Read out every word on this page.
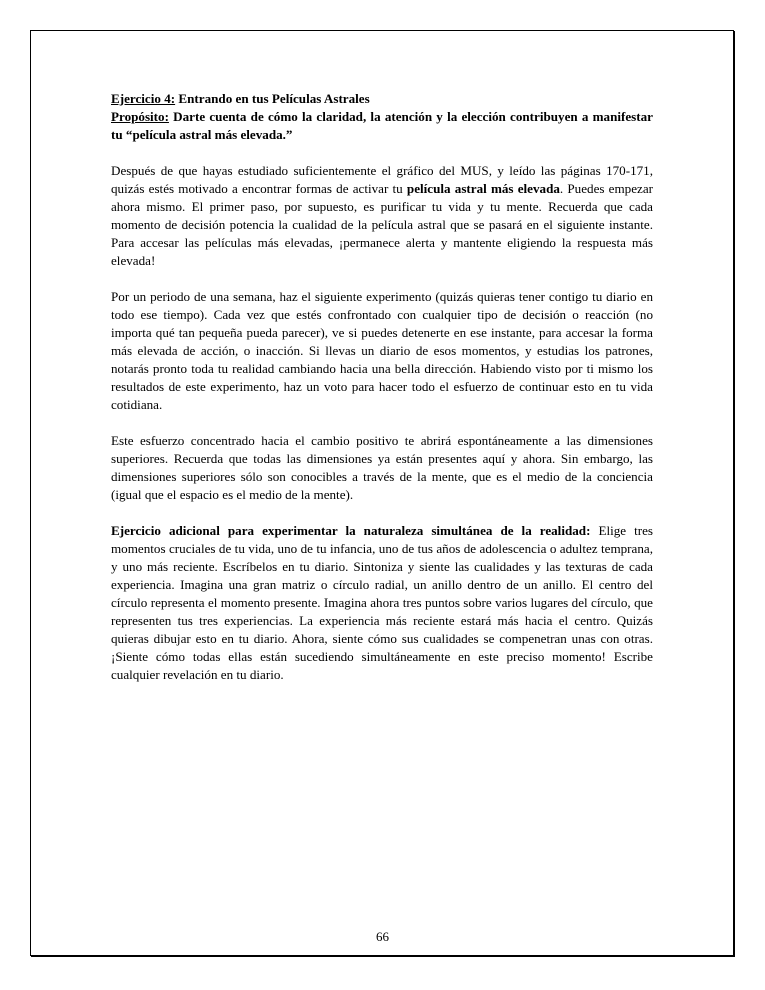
Ejercicio 4: Entrando en tus Películas Astrales
Propósito: Darte cuenta de cómo la claridad, la atención y la elección contribuyen a manifestar tu “película astral más elevada.”

Después de que hayas estudiado suficientemente el gráfico del MUS, y leído las páginas 170-171, quizás estés motivado a encontrar formas de activar tu película astral más elevada. Puedes empezar ahora mismo. El primer paso, por supuesto, es purificar tu vida y tu mente. Recuerda que cada momento de decisión potencia la cualidad de la película astral que se pasará en el siguiente instante. Para accesar las películas más elevadas, ¡permanece alerta y mantente eligiendo la respuesta más elevada!

Por un periodo de una semana, haz el siguiente experimento (quizás quieras tener contigo tu diario en todo ese tiempo). Cada vez que estés confrontado con cualquier tipo de decisión o reacción (no importa qué tan pequeña pueda parecer), ve si puedes detenerte en ese instante, para accesar la forma más elevada de acción, o inacción. Si llevas un diario de esos momentos, y estudias los patrones, notarás pronto toda tu realidad cambiando hacia una bella dirección. Habiendo visto por ti mismo los resultados de este experimento, haz un voto para hacer todo el esfuerzo de continuar esto en tu vida cotidiana.

Este esfuerzo concentrado hacia el cambio positivo te abrirá espontáneamente a las dimensiones superiores. Recuerda que todas las dimensiones ya están presentes aquí y ahora. Sin embargo, las dimensiones superiores sólo son conocibles a través de la mente, que es el medio de la conciencia (igual que el espacio es el medio de la mente).

Ejercicio adicional para experimentar la naturaleza simultánea de la realidad: Elige tres momentos cruciales de tu vida, uno de tu infancia, uno de tus años de adolescencia o adultez temprana, y uno más reciente. Escríbelos en tu diario. Sintoniza y siente las cualidades y las texturas de cada experiencia. Imagina una gran matriz o círculo radial, un anillo dentro de un anillo. El centro del círculo representa el momento presente. Imagina ahora tres puntos sobre varios lugares del círculo, que representen tus tres experiencias. La experiencia más reciente estará más hacia el centro. Quizás quieras dibujar esto en tu diario. Ahora, siente cómo sus cualidades se compenetran unas con otras. ¡Siente cómo todas ellas están sucediendo simultáneamente en este preciso momento! Escribe cualquier revelación en tu diario.

66
